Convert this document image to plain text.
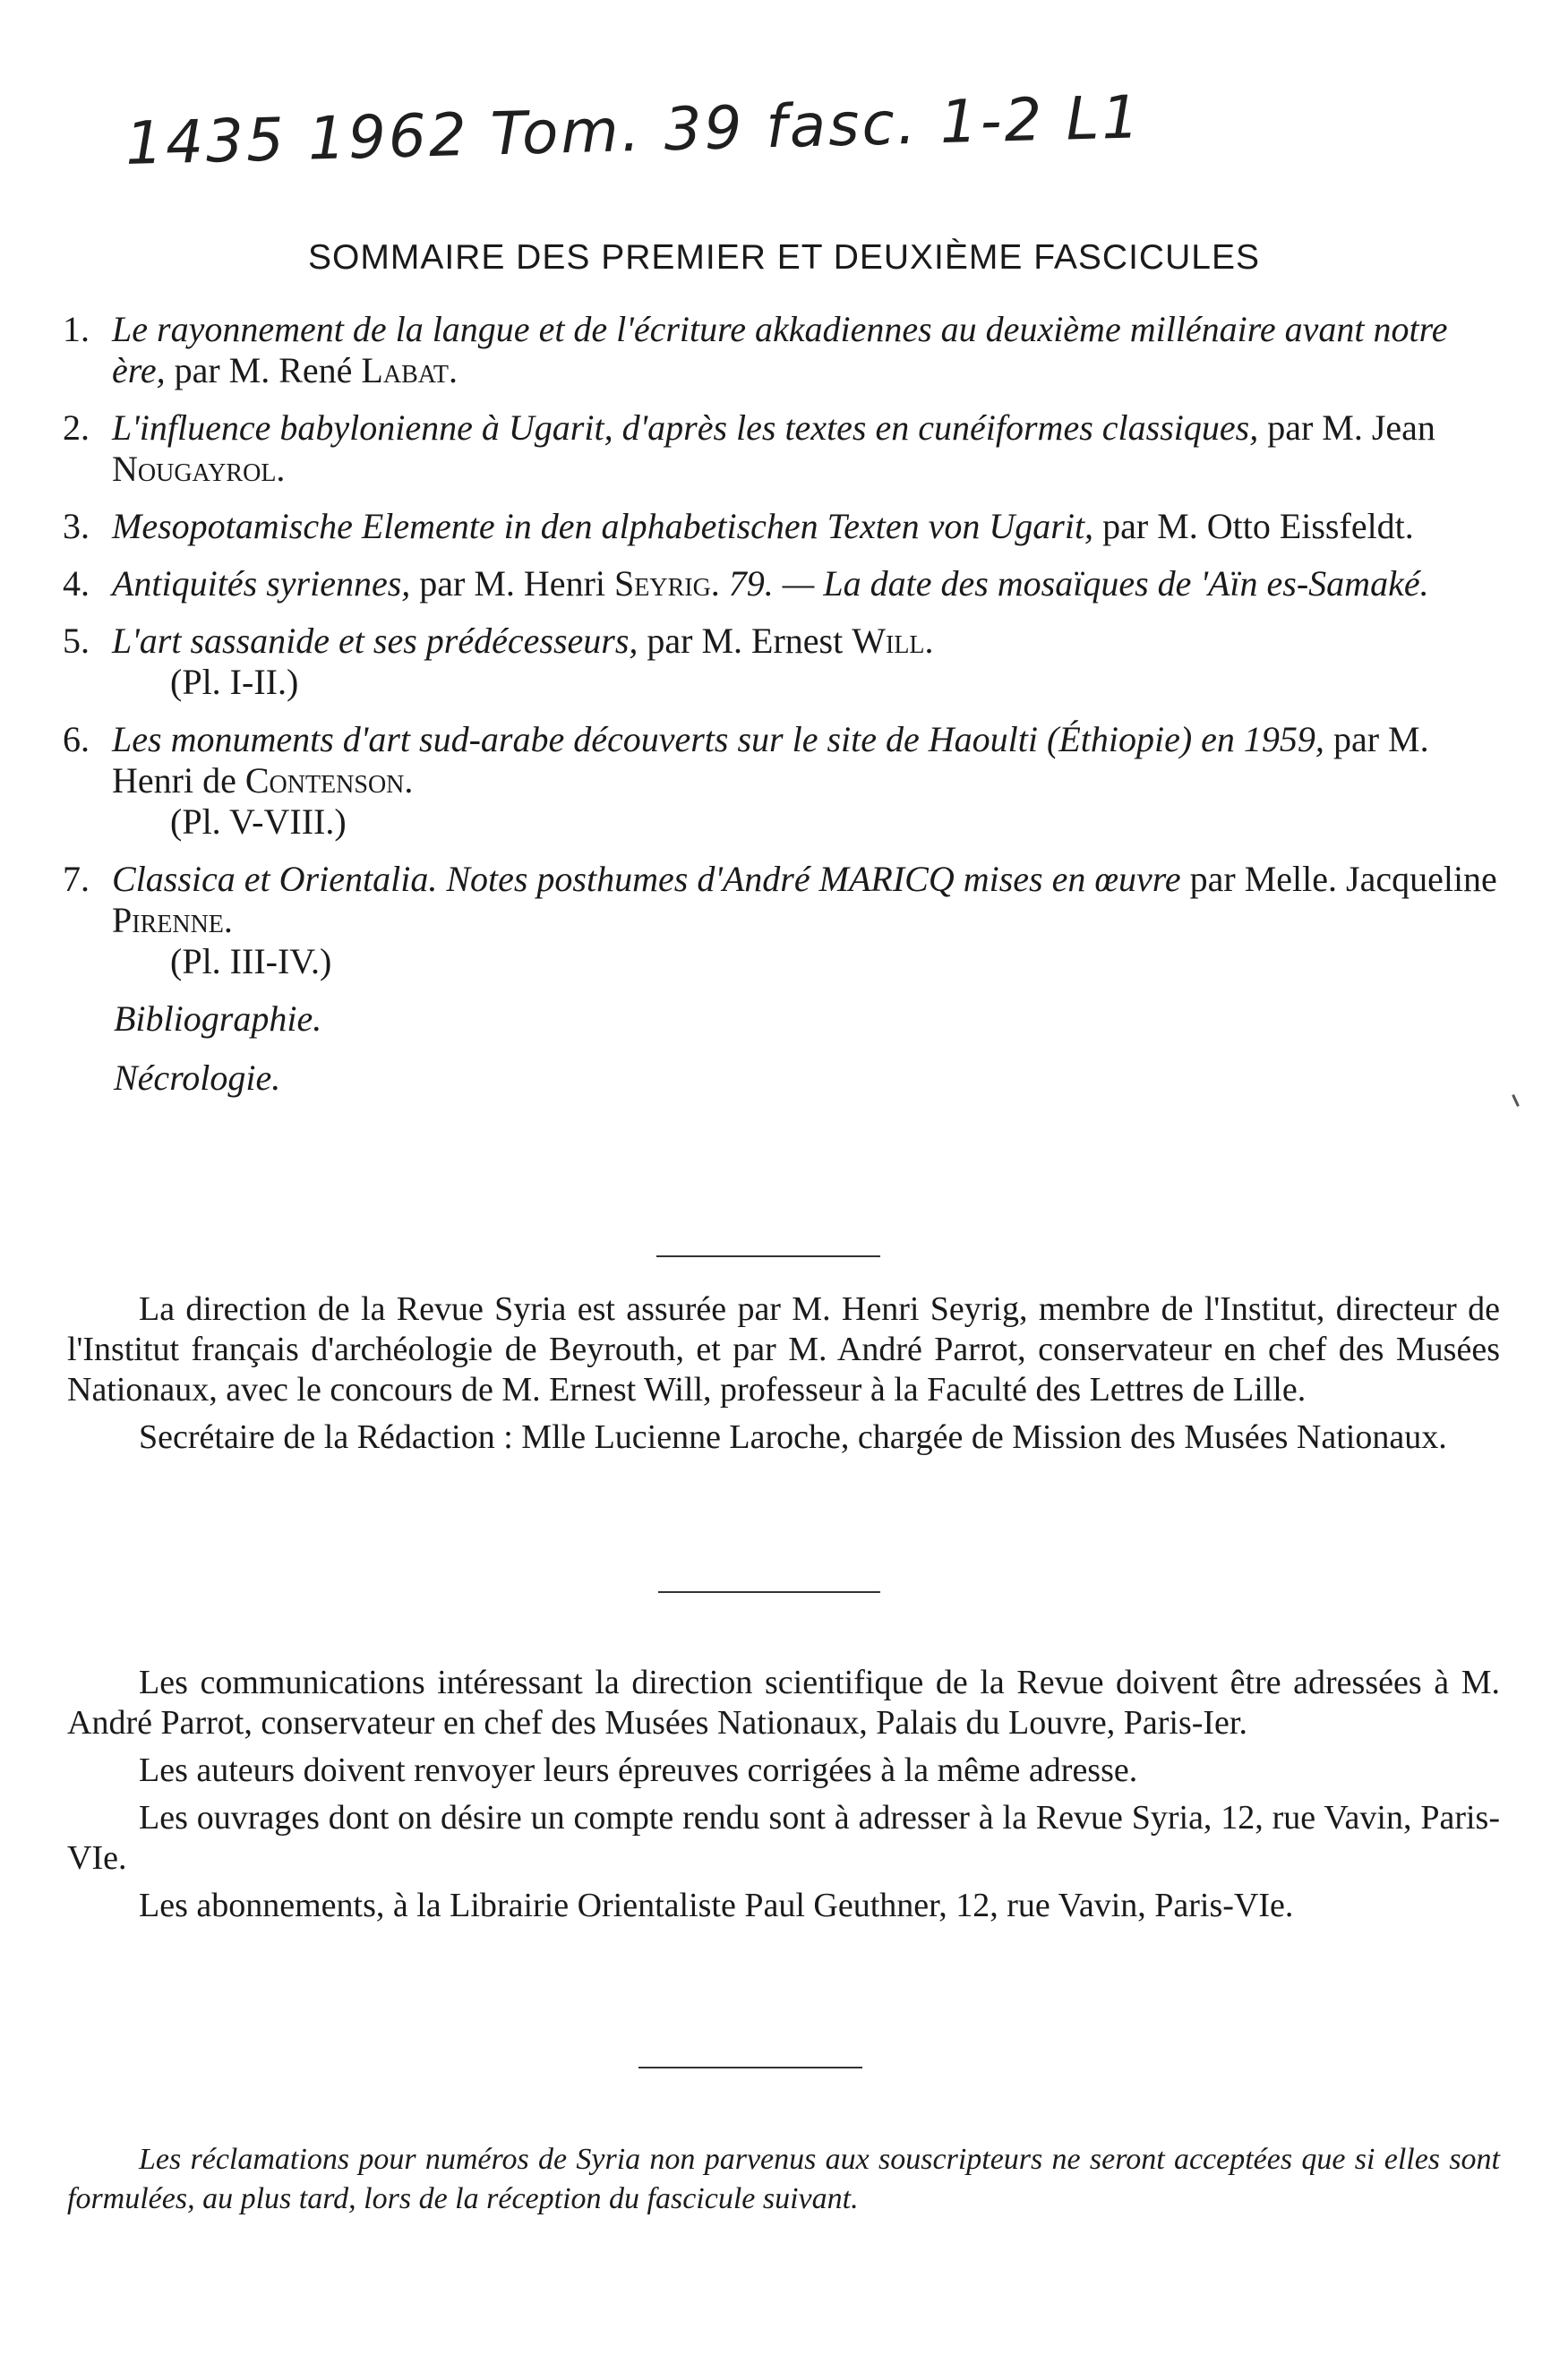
1435 1962 Tom. 39 fasc. 1-2 L1
SOMMAIRE DES PREMIER ET DEUXIÈME FASCICULES
1. Le rayonnement de la langue et de l'écriture akkadiennes au deuxième millénaire avant notre ère, par M. René Labat.
2. L'influence babylonienne à Ugarit, d'après les textes en cunéiformes classiques, par M. Jean Nougayrol.
3. Mesopotamische Elemente in den alphabetischen Texten von Ugarit, par M. Otto Eissfeldt.
4. Antiquités syriennes, par M. Henri Seyrig. 79. — La date des mosaïques de 'Aïn es-Samaké.
5. L'art sassanide et ses prédécesseurs, par M. Ernest Will.
(Pl. I-II.)
6. Les monuments d'art sud-arabe découverts sur le site de Haoulti (Éthiopie) en 1959, par M. Henri de Contenson.
(Pl. V-VIII.)
7. Classica et Orientalia. Notes posthumes d'André MARICQ mises en œuvre par Melle. Jacqueline Pirenne.
(Pl. III-IV.)
Bibliographie.
Nécrologie.

La direction de la Revue Syria est assurée par M. Henri Seyrig, membre de l'Institut, directeur de l'Institut français d'archéologie de Beyrouth, et par M. André Parrot, conservateur en chef des Musées Nationaux, avec le concours de M. Ernest Will, professeur à la Faculté des Lettres de Lille.

Secrétaire de la Rédaction : Mlle Lucienne Laroche, chargée de Mission des Musées Nationaux.

Les communications intéressant la direction scientifique de la Revue doivent être adressées à M. André Parrot, conservateur en chef des Musées Nationaux, Palais du Louvre, Paris-Ier.

Les auteurs doivent renvoyer leurs épreuves corrigées à la même adresse.

Les ouvrages dont on désire un compte rendu sont à adresser à la Revue Syria, 12, rue Vavin, Paris-VIe.

Les abonnements, à la Librairie Orientaliste Paul Geuthner, 12, rue Vavin, Paris-VIe.

Les réclamations pour numéros de Syria non parvenus aux souscripteurs ne seront acceptées que si elles sont formulées, au plus tard, lors de la réception du fascicule suivant.
